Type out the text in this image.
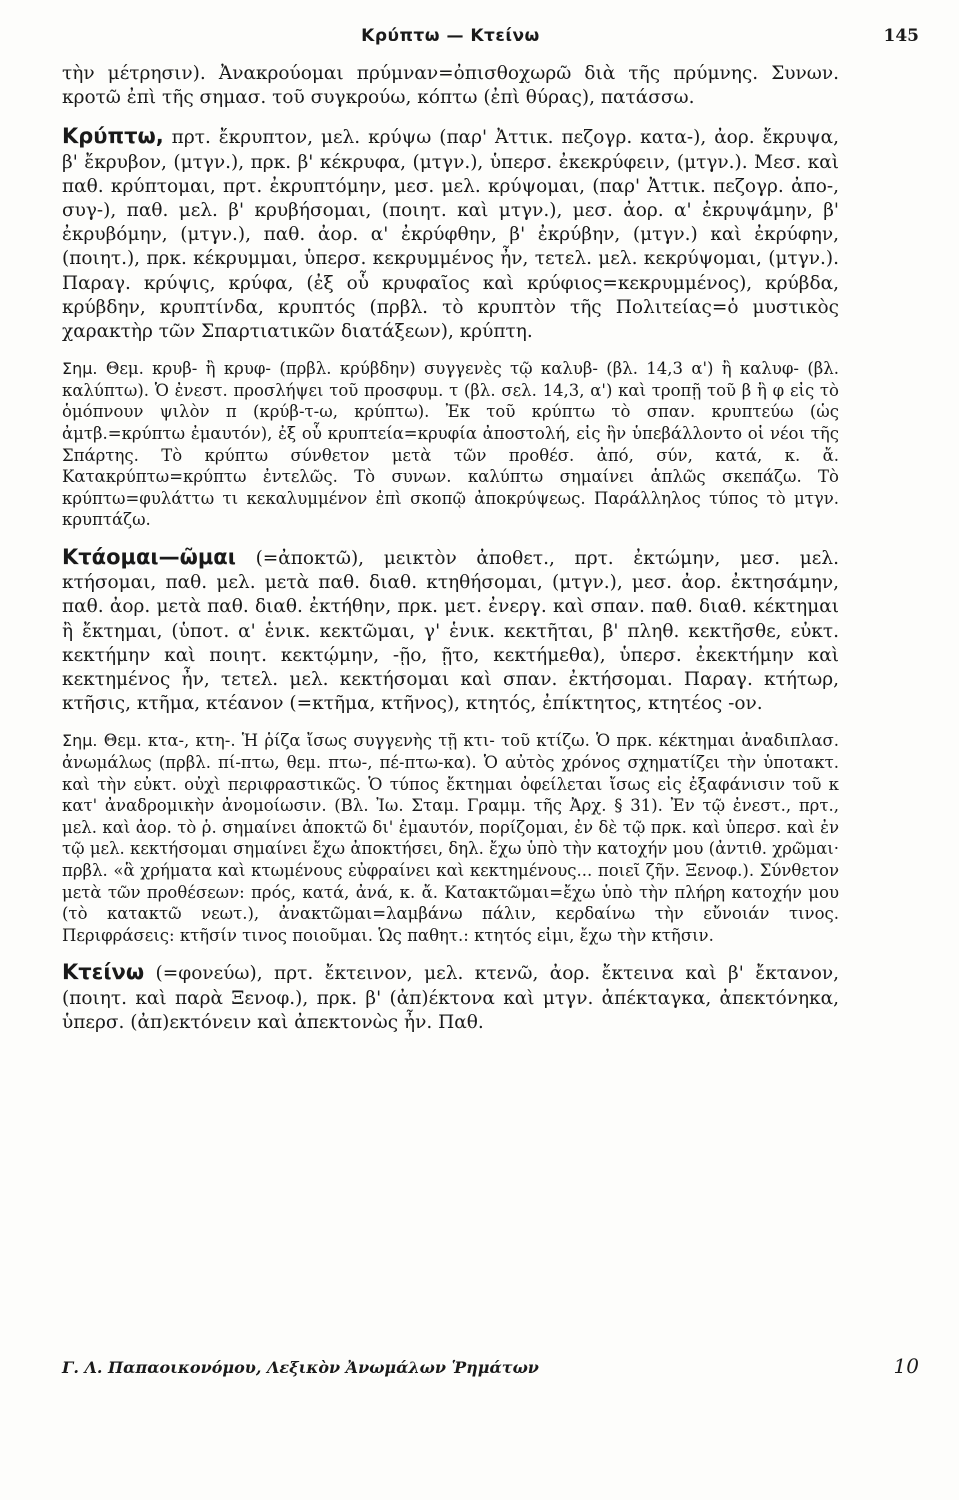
Κρύπτω — Κτείνω	145

τὴν μέτρησιν). Ἀνακρούομαι πρύμναν=ὀπισθοχωρῶ διὰ τῆς πρύμνης. Συνων. κροτῶ ἐπὶ τῆς σημασ. τοῦ συγκρούω, κόπτω (ἐπὶ θύρας), πατάσσω.

Κρύπτω, πρτ. ἔκρυπτον, μελ. κρύψω (παρ' Ἀττικ. πεζογρ. κατα-), ἀορ. ἔκρυψα, β' ἔκρυβον, (μτγν.), πρκ. β' κέκρυφα, (μτγν.), ὑπερσ. ἐκεκρύφειν, (μτγν.). Μεσ. καὶ παθ. κρύπτομαι, πρτ. ἐκρυπτόμην, μεσ. μελ. κρύψομαι, (παρ' Ἀττικ. πεζογρ. ἀπο-, συγ-), παθ. μελ. β' κρυβήσομαι, (ποιητ. καὶ μτγν.), μεσ. ἀορ. α' ἐκρυψάμην, β' ἐκρυβόμην, (μτγν.), παθ. ἀορ. α' ἐκρύφθην, β' ἐκρύβην, (μτγν.) καὶ ἐκρύφην, (ποιητ.), πρκ. κέκρυμμαι, ὑπερσ. κεκρυμμένος ἦν, τετελ. μελ. κεκρύψομαι, (μτγν.). Παραγ. κρύψις, κρύφα, (ἐξ οὗ κρυφαῖος καὶ κρύφιος=κεκρυμμένος), κρύβδα, κρύβδην, κρυπτίνδα, κρυπτός (πρβλ. τὸ κρυπτὸν τῆς Πολιτείας=ὁ μυστικὸς χαρακτὴρ τῶν Σπαρτιατικῶν διατάξεων), κρύπτη.

Σημ. Θεμ. κρυβ- ἢ κρυφ- (πρβλ. κρύβδην) συγγενὲς τῷ καλυβ- (βλ. 14,3 α') ἢ καλυφ- (βλ. καλύπτω). Ὁ ἐνεστ. προσλήψει τοῦ προσφυμ. τ (βλ. σελ. 14,3, α') καὶ τροπῇ τοῦ β ἢ φ εἰς τὸ ὁμόπνουν ψιλὸν π (κρύβ-τ-ω, κρύπτω). Ἐκ τοῦ κρύπτω τὸ σπαν. κρυπτεύω (ὡς ἀμτβ.=κρύπτω ἐμαυτόν), ἐξ οὗ κρυπτεία=κρυφία ἀποστολή, εἰς ἣν ὑπεβάλλοντο οἱ νέοι τῆς Σπάρτης. Τὸ κρύπτω σύνθετον μετὰ τῶν προθέσ. ἀπό, σύν, κατά, κ. ἄ. Κατακρύπτω=κρύπτω ἐντελῶς. Τὸ συνων. καλύπτω σημαίνει ἁπλῶς σκεπάζω. Τὸ κρύπτω=φυλάττω τι κεκαλυμμένον ἐπὶ σκοπῷ ἀποκρύψεως. Παράλληλος τύπος τὸ μτγν. κρυπτάζω.

Κτάομαι—ῶμαι (=ἀποκτῶ), μεικτὸν ἀποθετ., πρτ. ἐκτώμην, μεσ. μελ. κτήσομαι, παθ. μελ. μετὰ παθ. διαθ. κτηθήσομαι, (μτγν.), μεσ. ἀορ. ἐκτησάμην, παθ. ἀορ. μετὰ παθ. διαθ. ἐκτήθην, πρκ. μετ. ἐνεργ. καὶ σπαν. παθ. διαθ. κέκτημαι ἢ ἔκτημαι, (ὑποτ. α' ἑνικ. κεκτῶμαι, γ' ἑνικ. κεκτῆται, β' πληθ. κεκτῆσθε, εὐκτ. κεκτήμην καὶ ποιητ. κεκτῴμην, -ῇο, ῇτο, κεκτήμεθα), ὑπερσ. ἐκεκτήμην καὶ κεκτημένος ἦν, τετελ. μελ. κεκτήσομαι καὶ σπαν. ἐκτήσομαι. Παραγ. κτήτωρ, κτῆσις, κτῆμα, κτέανον (=κτῆμα, κτῆνος), κτητός, ἐπίκτητος, κτητέος -ον.

Σημ. Θεμ. κτα-, κτη-. Ἡ ῥίζα ἴσως συγγενὴς τῇ κτι- τοῦ κτίζω. Ὁ πρκ. κέκτημαι ἀναδιπλασ. ἀνωμάλως (πρβλ. πί-πτω, θεμ. πτω-, πέ-πτω-κα). Ὁ αὐτὸς χρόνος σχηματίζει τὴν ὑποτακτ. καὶ τὴν εὐκτ. οὐχὶ περιφραστικῶς. Ὁ τύπος ἔκτημαι ὀφείλεται ἴσως εἰς ἐξαφάνισιν τοῦ κ κατ' ἀναδρομικὴν ἀνομοίωσιν. (Βλ. Ἰω. Σταμ. Γραμμ. τῆς Ἀρχ. § 31). Ἐν τῷ ἐνεστ., πρτ., μελ. καὶ ἀορ. τὸ ῥ. σημαίνει ἀποκτῶ δι' ἐμαυτόν, πορίζομαι, ἐν δὲ τῷ πρκ. καὶ ὑπερσ. καὶ ἐν τῷ μελ. κεκτήσομαι σημαίνει ἔχω ἀποκτήσει, δηλ. ἔχω ὑπὸ τὴν κατοχήν μου (ἀντιθ. χρῶμαι· πρβλ. «ἃ χρήματα καὶ κτωμένους εὐφραίνει καὶ κεκτημένους... ποιεῖ ζῆν. Ξενοφ.). Σύνθετον μετὰ τῶν προθέσεων: πρός, κατά, ἀνά, κ. ἄ. Κατακτῶμαι=ἔχω ὑπὸ τὴν πλήρη κατοχήν μου (τὸ κατακτῶ νεωτ.), ἀνακτῶμαι=λαμβάνω πάλιν, κερδαίνω τὴν εὔνοιάν τινος. Περιφράσεις: κτῆσίν τινος ποιοῦμαι. Ὡς παθητ.: κτητός εἰμι, ἔχω τὴν κτῆσιν.

Κτείνω (=φονεύω), πρτ. ἔκτεινον, μελ. κτενῶ, ἀορ. ἔκτεινα καὶ β' ἔκτανον, (ποιητ. καὶ παρὰ Ξενοφ.), πρκ. β' (ἀπ)έκτονα καὶ μτγν. ἀπέκταγκα, ἀπεκτόνηκα, ὑπερσ. (ἀπ)εκτόνειν καὶ ἀπεκτονὼς ἦν. Παθ.

Γ. Λ. Παπαοικονόμου, Λεξικὸν Ἀνωμάλων Ῥημάτων	10
